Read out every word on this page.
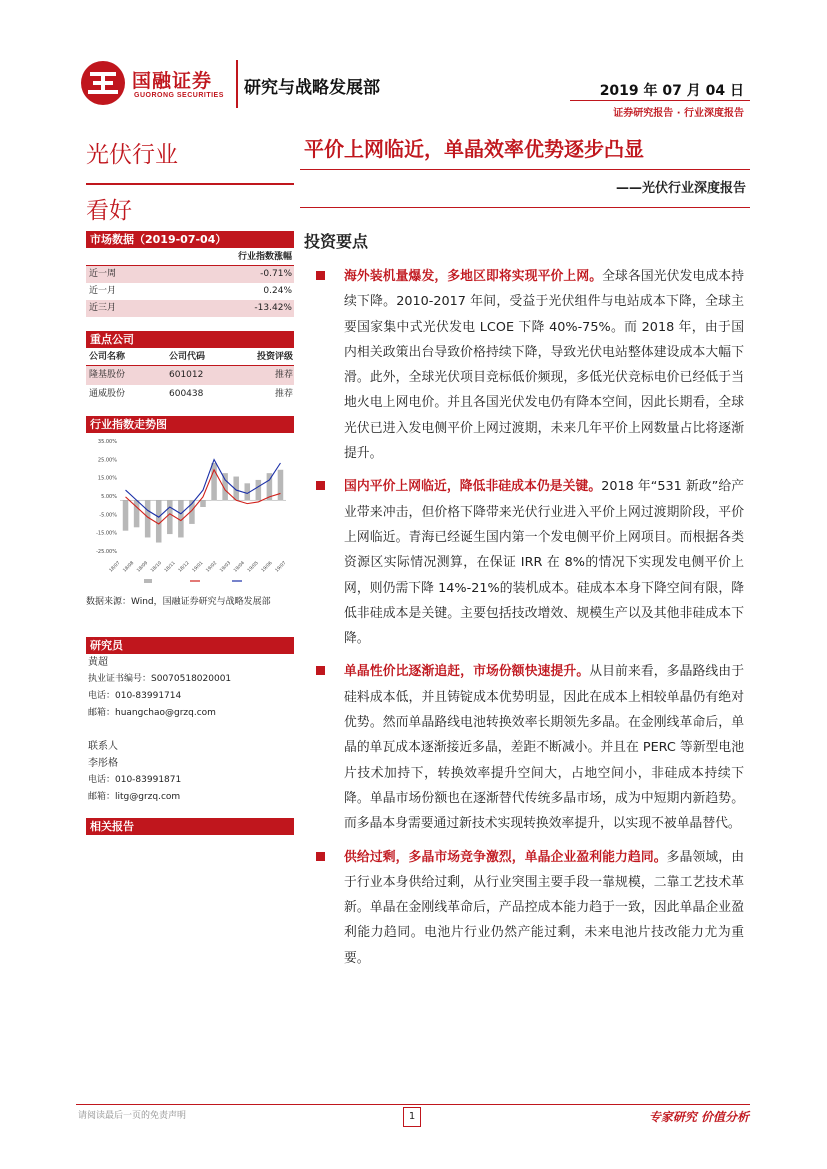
国融证券
GUORONG SECURITIES 研究与战略发展部	2019 年 07 月 04 日
证券研究报告 · 行业深度报告
光伏行业
看好
市场数据（2019-07-04）
行业指数涨幅
近一周	-0.71%
近一月	0.24%
近三月	-13.42%
重点公司
公司名称	公司代码	投资评级
隆基股份	601012	推荐
通威股份	600438	推荐
行业指数走势图
35.00%
25.00%
15.00%
5.00%
-5.00%
-15.00%
-25.00%
18/07 18/08 18/09 18/10 18/11 18/12 19/01 19/02 19/03 19/04 19/05 19/06 19/07
数据来源：Wind，国融证券研究与战略发展部
研究员
黄超
执业证书编号：S0070518020001
电话：010-83991714
邮箱：huangchao@grzq.com
联系人
李彤格
电话：010-83991871
邮箱：litg@grzq.com
相关报告
平价上网临近，单晶效率优势逐步凸显
——光伏行业深度报告
投资要点
海外装机量爆发，多地区即将实现平价上网。全球各国光伏发电成本持续下降。2010-2017 年间，受益于光伏组件与电站成本下降，全球主要国家集中式光伏发电 LCOE 下降 40%-75%。而 2018 年，由于国内相关政策出台导致价格持续下降，导致光伏电站整体建设成本大幅下滑。此外，全球光伏项目竞标低价频现，多低光伏竞标电价已经低于当地火电上网电价。并且各国光伏发电仍有降本空间，因此长期看，全球光伏已进入发电侧平价上网过渡期，未来几年平价上网数量占比将逐渐提升。
国内平价上网临近，降低非硅成本仍是关键。2018 年“531 新政”给产业带来冲击，但价格下降带来光伏行业进入平价上网过渡期阶段，平价上网临近。青海已经诞生国内第一个发电侧平价上网项目。而根据各类资源区实际情况测算，在保证 IRR 在 8%的情况下实现发电侧平价上网，则仍需下降 14%-21%的装机成本。硅成本本身下降空间有限，降低非硅成本是关键。主要包括技改增效、规模生产以及其他非硅成本下降。
单晶性价比逐渐追赶，市场份额快速提升。从目前来看，多晶路线由于硅料成本低，并且铸锭成本优势明显，因此在成本上相较单晶仍有绝对优势。然而单晶路线电池转换效率长期领先多晶。在金刚线革命后，单晶的单瓦成本逐渐接近多晶，差距不断减小。并且在 PERC 等新型电池片技术加持下，转换效率提升空间大，占地空间小，非硅成本持续下降。单晶市场份额也在逐渐替代传统多晶市场，成为中短期内新趋势。而多晶本身需要通过新技术实现转换效率提升，以实现不被单晶替代。
供给过剩，多晶市场竞争激烈，单晶企业盈利能力趋同。多晶领域，由于行业本身供给过剩，从行业突围主要手段一靠规模，二靠工艺技术革新。单晶在金刚线革命后，产品控成本能力趋于一致，因此单晶企业盈利能力趋同。电池片行业仍然产能过剩，未来电池片技改能力尤为重要。
请阅读最后一页的免责声明	1	专家研究 价值分析
